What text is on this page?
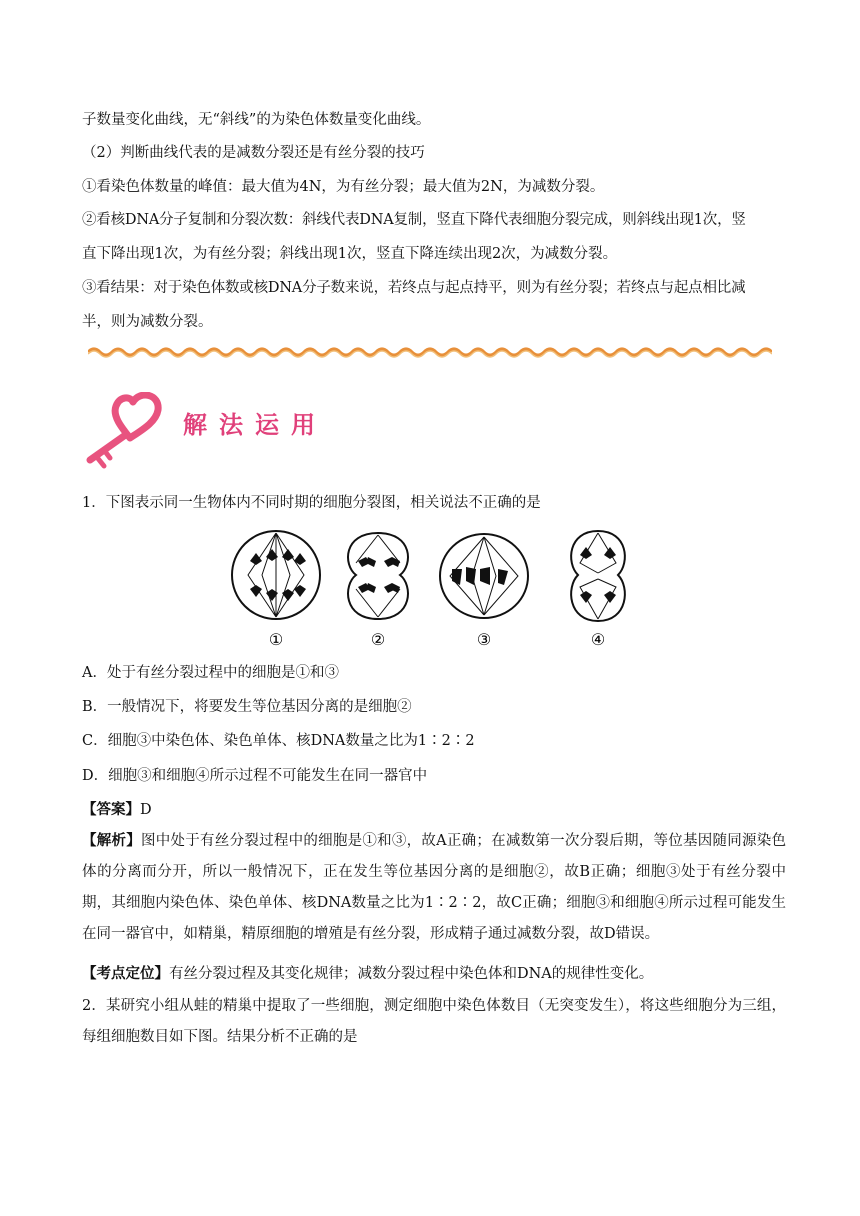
子数量变化曲线，无“斜线”的为染色体数量变化曲线。
（2）判断曲线代表的是减数分裂还是有丝分裂的技巧
①看染色体数量的峰值：最大值为4N，为有丝分裂；最大值为2N，为减数分裂。
②看核DNA分子复制和分裂次数：斜线代表DNA复制，竖直下降代表细胞分裂完成，则斜线出现1次，竖
直下降出现1次，为有丝分裂；斜线出现1次，竖直下降连续出现2次，为减数分裂。
③看结果：对于染色体数或核DNA分子数来说，若终点与起点持平，则为有丝分裂；若终点与起点相比减
半，则为减数分裂。
解法运用
1．下图表示同一生物体内不同时期的细胞分裂图，相关说法不正确的是
①	②	③	④
A．处于有丝分裂过程中的细胞是①和③
B．一般情况下，将要发生等位基因分离的是细胞②
C．细胞③中染色体、染色单体、核DNA数量之比为1∶2∶2
D．细胞③和细胞④所示过程不可能发生在同一器官中
【答案】D
【解析】图中处于有丝分裂过程中的细胞是①和③，故A正确；在减数第一次分裂后期，等位基因随同源染色体的分离而分开，所以一般情况下，正在发生等位基因分离的是细胞②，故B正确；细胞③处于有丝分裂中期，其细胞内染色体、染色单体、核DNA数量之比为1∶2∶2，故C正确；细胞③和细胞④所示过程可能发生在同一器官中，如精巢，精原细胞的增殖是有丝分裂，形成精子通过减数分裂，故D错误。
【考点定位】有丝分裂过程及其变化规律；减数分裂过程中染色体和DNA的规律性变化。
2．某研究小组从蛙的精巢中提取了一些细胞，测定细胞中染色体数目（无突变发生），将这些细胞分为三组，每组细胞数目如下图。结果分析不正确的是
